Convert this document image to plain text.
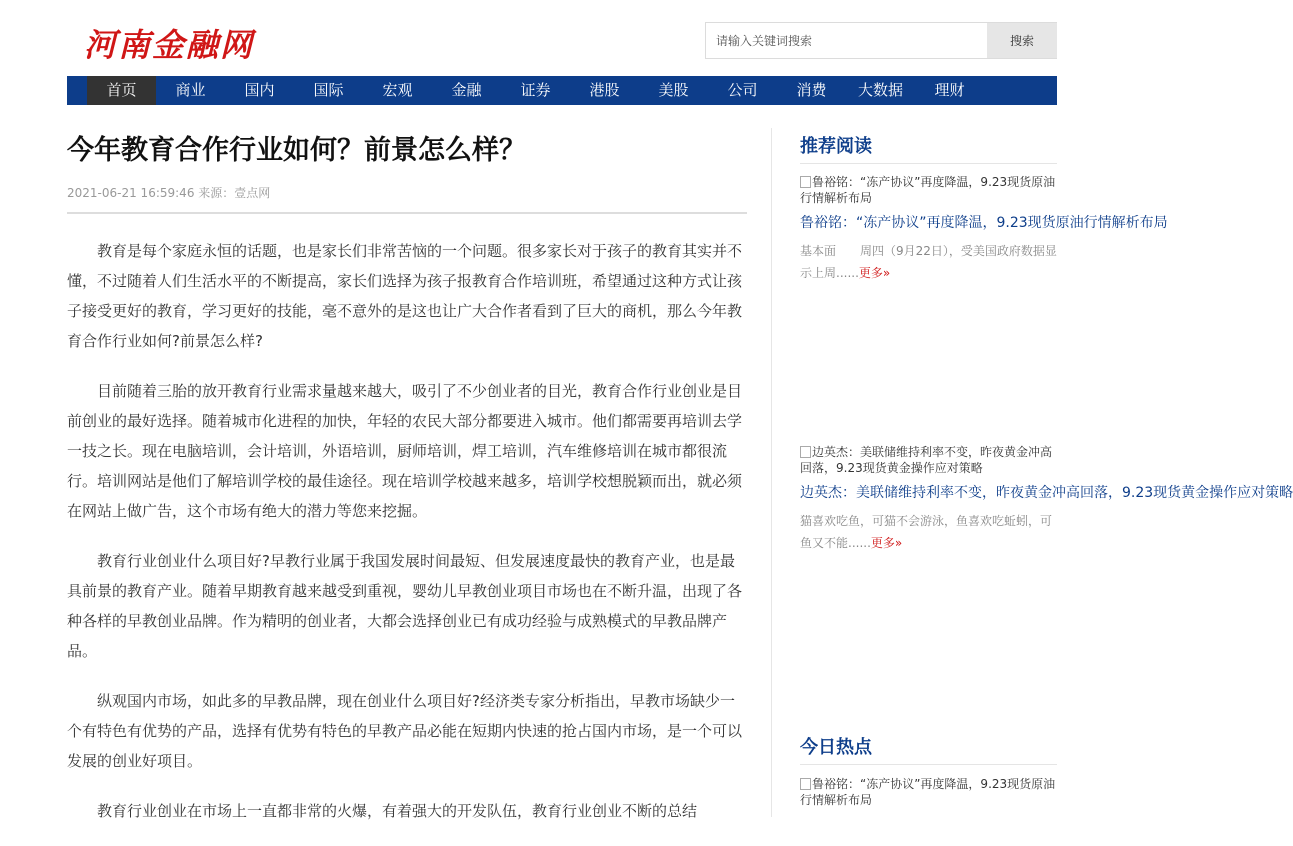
河南金融网
请输入关键词搜索	搜索
首页	商业	国内	国际	宏观	金融	证券	港股	美股	公司	消费	大数据	理财
今年教育合作行业如何？前景怎么样？
2021-06-21 16:59:46 来源：壹点网

教育是每个家庭永恒的话题，也是家长们非常苦恼的一个问题。很多家长对于孩子的教育其实并不懂，不过随着人们生活水平的不断提高，家长们选择为孩子报教育合作培训班，希望通过这种方式让孩子接受更好的教育，学习更好的技能，毫不意外的是这也让广大合作者看到了巨大的商机，那么今年教育合作行业如何?前景怎么样?

目前随着三胎的放开教育行业需求量越来越大，吸引了不少创业者的目光，教育合作行业创业是目前创业的最好选择。随着城市化进程的加快，年轻的农民大部分都要进入城市。他们都需要再培训去学一技之长。现在电脑培训，会计培训，外语培训，厨师培训，焊工培训，汽车维修培训在城市都很流行。培训网站是他们了解培训学校的最佳途径。现在培训学校越来越多，培训学校想脱颖而出，就必须在网站上做广告，这个市场有绝大的潜力等您来挖掘。

教育行业创业什么项目好?早教行业属于我国发展时间最短、但发展速度最快的教育产业，也是最具前景的教育产业。随着早期教育越来越受到重视，婴幼儿早教创业项目市场也在不断升温，出现了各种各样的早教创业品牌。作为精明的创业者，大都会选择创业已有成功经验与成熟模式的早教品牌产品。

纵观国内市场，如此多的早教品牌，现在创业什么项目好?经济类专家分析指出，早教市场缺少一个有特色有优势的产品，选择有优势有特色的早教产品必能在短期内快速的抢占国内市场，是一个可以发展的创业好项目。

教育行业创业在市场上一直都非常的火爆，有着强大的开发队伍，教育行业创业不断的总结

推荐阅读
鲁裕铭：“冻产协议”再度降温，9.23现货原油行情解析布局
鲁裕铭：“冻产协议”再度降温，9.23现货原油行情解析布局
基本面　　周四（9月22日），受美国政府数据显示上周......更多»
边英杰：美联储维持利率不变，昨夜黄金冲高回落，9.23现货黄金操作应对策略
边英杰：美联储维持利率不变，昨夜黄金冲高回落，9.23现货黄金操作应对策略
猫喜欢吃鱼，可猫不会游泳，鱼喜欢吃蚯蚓，可鱼又不能......更多»
今日热点
鲁裕铭：“冻产协议”再度降温，9.23现货原油行情解析布局
